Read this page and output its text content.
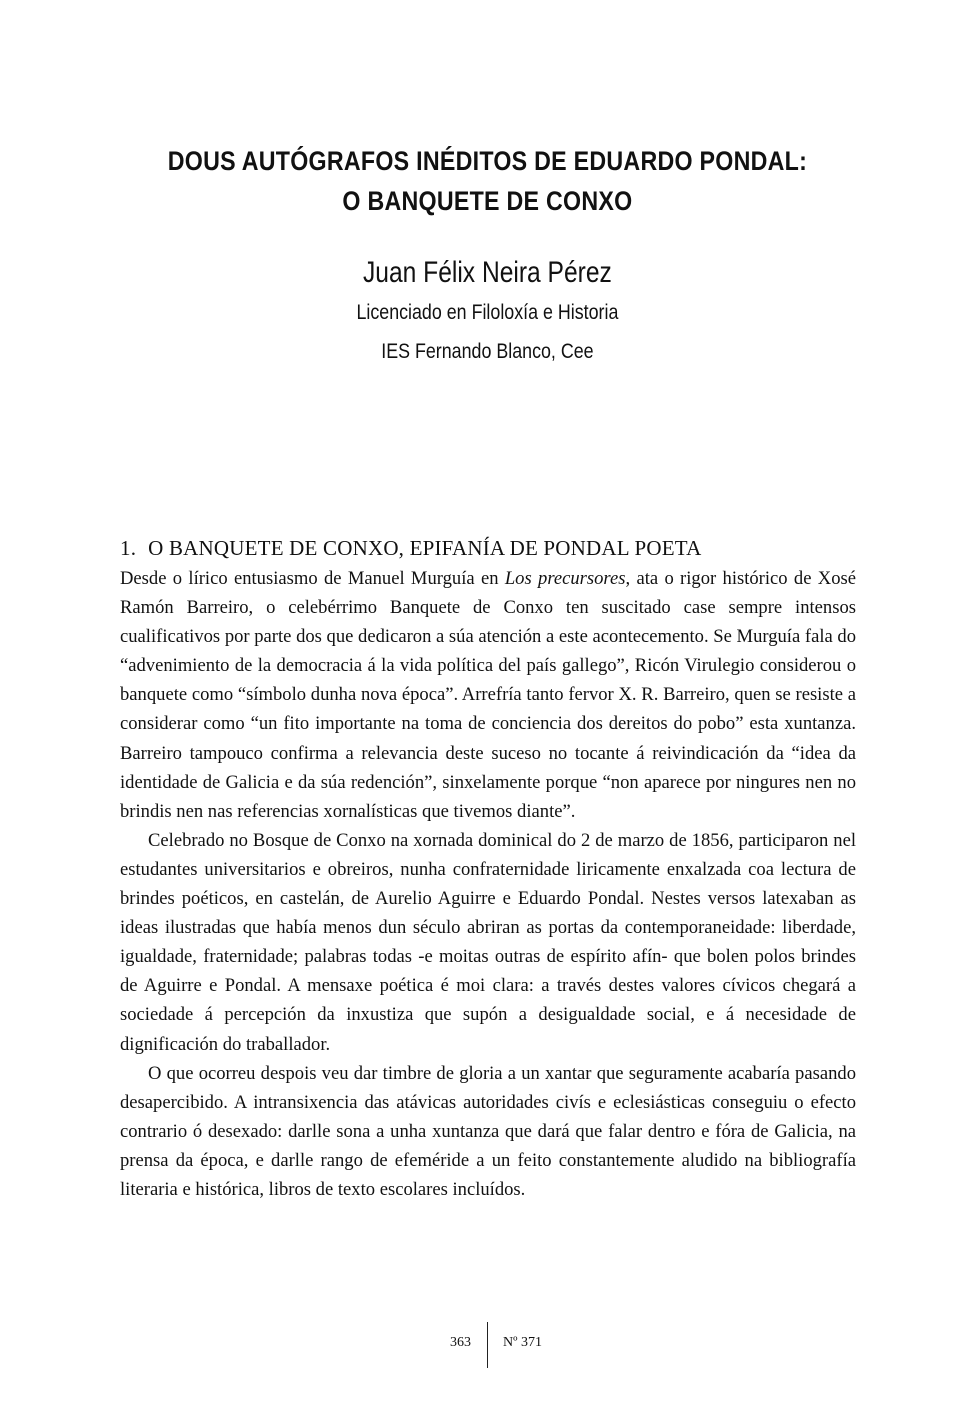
DOUS AUTÓGRAFOS INÉDITOS DE EDUARDO PONDAL:
O BANQUETE DE CONXO
Juan Félix Neira Pérez
Licenciado en Filoloxía e Historia
IES Fernando Blanco, Cee
1. O BANQUETE DE CONXO, EPIFANÍA DE PONDAL POETA

Desde o lírico entusiasmo de Manuel Murguía en Los precursores, ata o rigor histórico de Xosé Ramón Barreiro, o celebérrimo Banquete de Conxo ten suscitado case sempre intensos cualificativos por parte dos que dedicaron a súa atención a este acontecemento. Se Murguía fala do “advenimiento de la democracia á la vida política del país gallego”, Ricón Virulegio considerou o banquete como “símbolo dunha nova época”. Arrefría tanto fervor X. R. Barreiro, quen se resiste a considerar como “un fito importante na toma de conciencia dos dereitos do pobo” esta xuntanza. Barreiro tampouco confirma a relevancia deste suceso no tocante á reivindicación da “idea da identidade de Galicia e da súa redención”, sinxelamente porque “non aparece por ningures nen no brindis nen nas referencias xornalísticas que tivemos diante”.

Celebrado no Bosque de Conxo na xornada dominical do 2 de marzo de 1856, participaron nel estudantes universitarios e obreiros, nunha confraternidade liricamente enxalzada coa lectura de brindes poéticos, en castelán, de Aurelio Aguirre e Eduardo Pondal. Nestes versos latexaban as ideas ilustradas que había menos dun século abriran as portas da contemporaneidade: liberdade, igualdade, fraternidade; palabras todas -e moitas outras de espírito afín- que bolen polos brindes de Aguirre e Pondal. A mensaxe poética é moi clara: a través destes valores cívicos chegará a sociedade á percepción da inxustiza que supón a desigualdade social, e á necesidade de dignificación do traballador.

O que ocorreu despois veu dar timbre de gloria a un xantar que seguramente acabaría pasando desapercibido. A intransixencia das atávicas autoridades civís e eclesiásticas conseguiu o efecto contrario ó desexado: darlle sona a unha xuntanza que dará que falar dentro e fóra de Galicia, na prensa da época, e darlle rango de efeméride a un feito constantemente aludido na bibliografía literaria e histórica, libros de texto escolares incluídos.

363 Nº 371
